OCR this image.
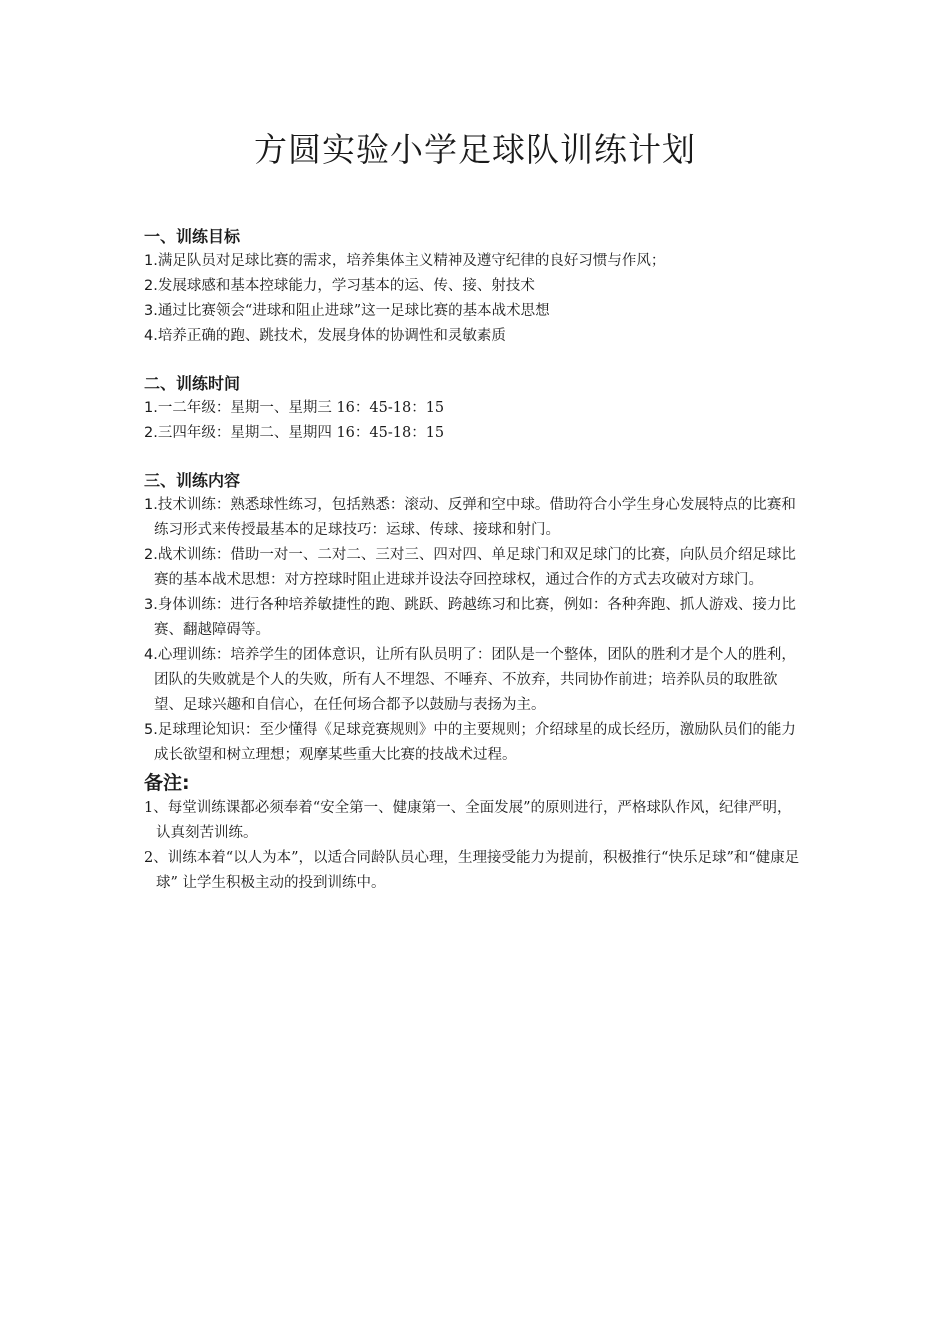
方圆实验小学足球队训练计划

一、训练目标

1.满足队员对足球比赛的需求，培养集体主义精神及遵守纪律的良好习惯与作风；

2.发展球感和基本控球能力，学习基本的运、传、接、射技术

3.通过比赛领会“进球和阻止进球”这一足球比赛的基本战术思想

4.培养正确的跑、跳技术，发展身体的协调性和灵敏素质

二、训练时间

1.一二年级：星期一、星期三 16：45-18：15

2.三四年级：星期二、星期四 16：45-18：15

三、训练内容

1.技术训练：熟悉球性练习，包括熟悉：滚动、反弹和空中球。借助符合小学生身心发展特点的比赛和练习形式来传授最基本的足球技巧：运球、传球、接球和射门。

2.战术训练：借助一对一、二对二、三对三、四对四、单足球门和双足球门的比赛，向队员介绍足球比赛的基本战术思想：对方控球时阻止进球并设法夺回控球权，通过合作的方式去攻破对方球门。

3.身体训练：进行各种培养敏捷性的跑、跳跃、跨越练习和比赛，例如：各种奔跑、抓人游戏、接力比赛、翻越障碍等。

4.心理训练：培养学生的团体意识，让所有队员明了：团队是一个整体，团队的胜利才是个人的胜利，团队的失败就是个人的失败，所有人不埋怨、不唾弃、不放弃，共同协作前进；培养队员的取胜欲望、足球兴趣和自信心，在任何场合都予以鼓励与表扬为主。

5.足球理论知识：至少懂得《足球竞赛规则》中的主要规则；介绍球星的成长经历，激励队员们的能力成长欲望和树立理想；观摩某些重大比赛的技战术过程。

备注:

1、每堂训练课都必须奉着“安全第一、健康第一、全面发展”的原则进行，严格球队作风，纪律严明，认真刻苦训练。

2、训练本着“以人为本”，以适合同龄队员心理，生理接受能力为提前，积极推行“快乐足球”和“健康足球” 让学生积极主动的投到训练中。
